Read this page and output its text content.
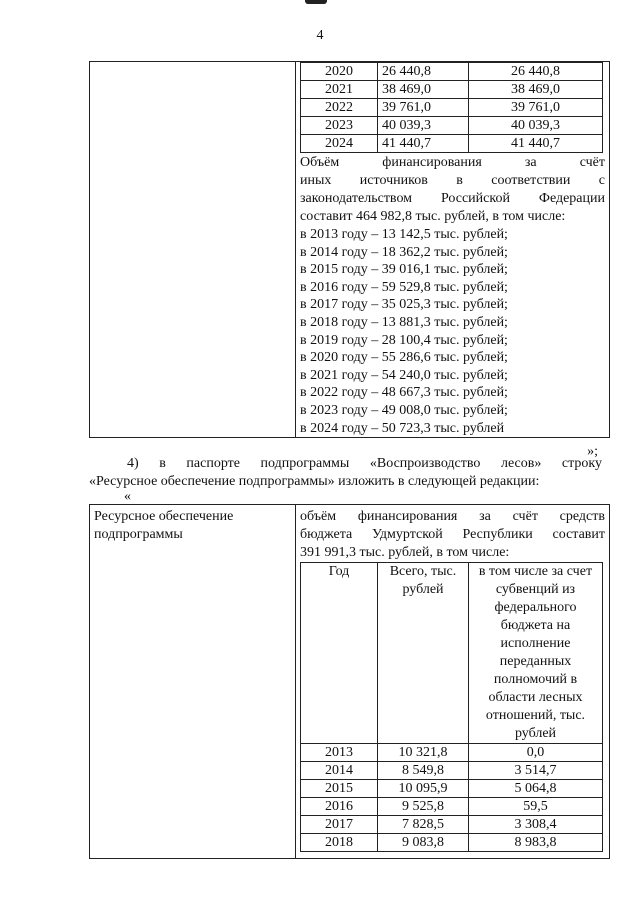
4
2020	26 440,8	26 440,8
2021	38 469,0	38 469,0
2022	39 761,0	39 761,0
2023	40 039,3	40 039,3
2024	41 440,7	41 440,7
Объём финансирования за счёт
иных источников в соответствии с
законодательством Российской Федерации
составит 464 982,8 тыс. рублей, в том числе:
в 2013 году – 13 142,5 тыс. рублей;
в 2014 году – 18 362,2 тыс. рублей;
в 2015 году – 39 016,1 тыс. рублей;
в 2016 году – 59 529,8 тыс. рублей;
в 2017 году – 35 025,3 тыс. рублей;
в 2018 году – 13 881,3 тыс. рублей;
в 2019 году – 28 100,4 тыс. рублей;
в 2020 году – 55 286,6 тыс. рублей;
в 2021 году – 54 240,0 тыс. рублей;
в 2022 году – 48 667,3 тыс. рублей;
в 2023 году – 49 008,0 тыс. рублей;
в 2024 году – 50 723,3 тыс. рублей
»;
4) в паспорте подпрограммы «Воспроизводство лесов» строку
«Ресурсное обеспечение подпрограммы» изложить в следующей редакции:
«
Ресурсное обеспечение подпрограммы
объём финансирования за счёт средств
бюджета Удмуртской Республики составит
391 991,3 тыс. рублей, в том числе:
Год	Всего, тыс. рублей	в том числе за счет субвенций из федерального бюджета на исполнение переданных полномочий в области лесных отношений, тыс. рублей
2013	10 321,8	0,0
2014	8 549,8	3 514,7
2015	10 095,9	5 064,8
2016	9 525,8	59,5
2017	7 828,5	3 308,4
2018	9 083,8	8 983,8
